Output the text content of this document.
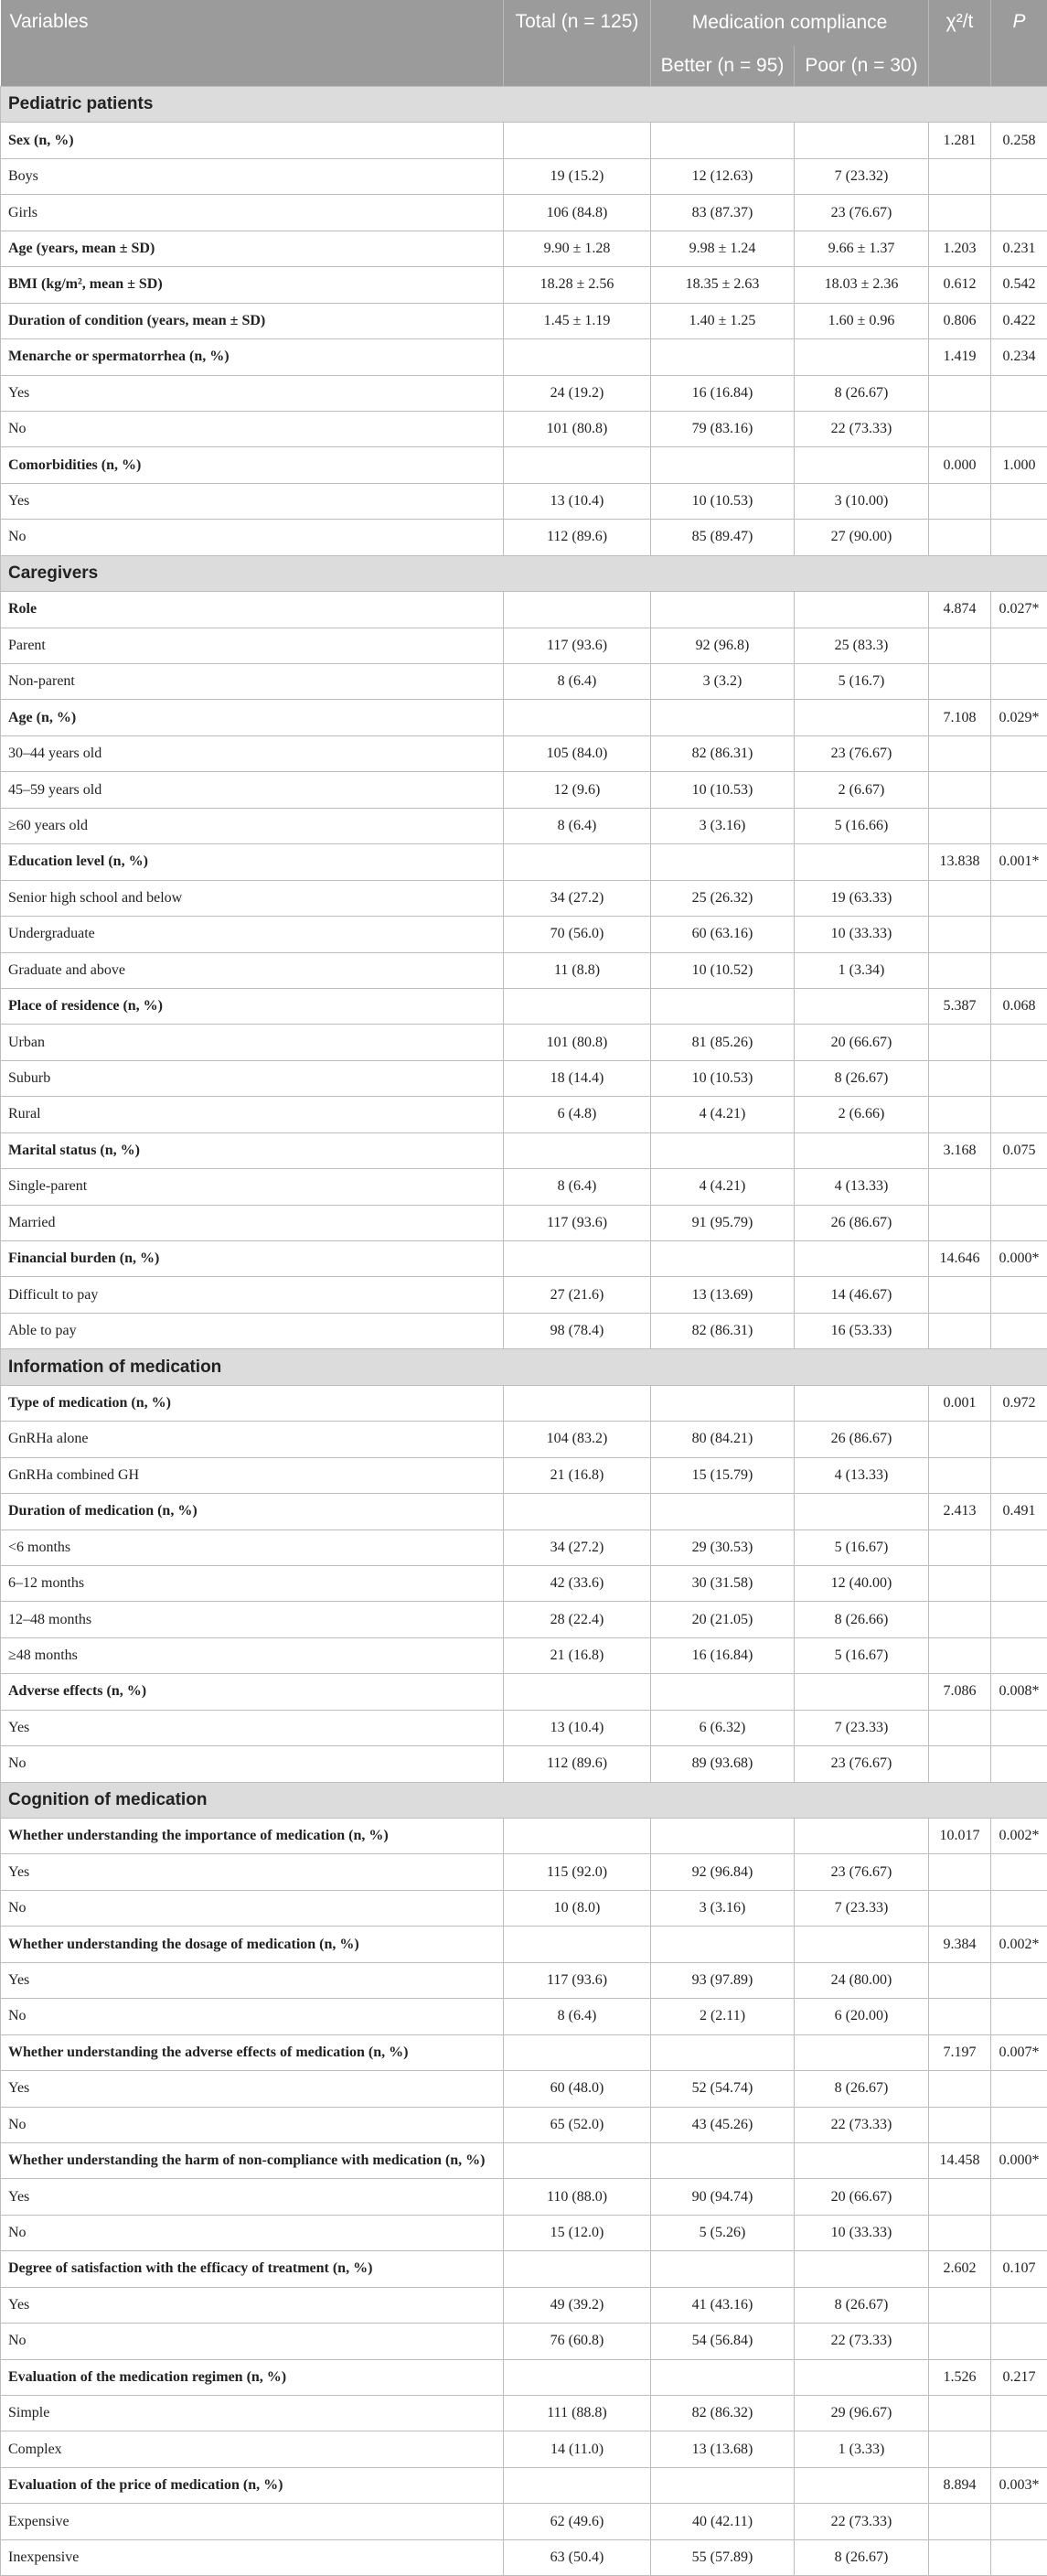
Variables	Total (n = 125)	Medication compliance		χ²/t	P
		Better (n = 95)	Poor (n = 30)		
Pediatric patients					
Sex (n, %)				1.281	0.258
Boys	19 (15.2)	12 (12.63)	7 (23.32)		
Girls	106 (84.8)	83 (87.37)	23 (76.67)		
Age (years, mean ± SD)	9.90 ± 1.28	9.98 ± 1.24	9.66 ± 1.37	1.203	0.231
BMI (kg/m², mean ± SD)	18.28 ± 2.56	18.35 ± 2.63	18.03 ± 2.36	0.612	0.542
Duration of condition (years, mean ± SD)	1.45 ± 1.19	1.40 ± 1.25	1.60 ± 0.96	0.806	0.422
Menarche or spermatorrhea (n, %)				1.419	0.234
Yes	24 (19.2)	16 (16.84)	8 (26.67)		
No	101 (80.8)	79 (83.16)	22 (73.33)		
Comorbidities (n, %)				0.000	1.000
Yes	13 (10.4)	10 (10.53)	3 (10.00)		
No	112 (89.6)	85 (89.47)	27 (90.00)		
Caregivers					
Role				4.874	0.027*
Parent	117 (93.6)	92 (96.8)	25 (83.3)		
Non-parent	8 (6.4)	3 (3.2)	5 (16.7)		
Age (n, %)				7.108	0.029*
30–44 years old	105 (84.0)	82 (86.31)	23 (76.67)		
45–59 years old	12 (9.6)	10 (10.53)	2 (6.67)		
≥60 years old	8 (6.4)	3 (3.16)	5 (16.66)		
Education level (n, %)				13.838	0.001*
Senior high school and below	34 (27.2)	25 (26.32)	19 (63.33)		
Undergraduate	70 (56.0)	60 (63.16)	10 (33.33)		
Graduate and above	11 (8.8)	10 (10.52)	1 (3.34)		
Place of residence (n, %)				5.387	0.068
Urban	101 (80.8)	81 (85.26)	20 (66.67)		
Suburb	18 (14.4)	10 (10.53)	8 (26.67)		
Rural	6 (4.8)	4 (4.21)	2 (6.66)		
Marital status (n, %)				3.168	0.075
Single-parent	8 (6.4)	4 (4.21)	4 (13.33)		
Married	117 (93.6)	91 (95.79)	26 (86.67)		
Financial burden (n, %)				14.646	0.000*
Difficult to pay	27 (21.6)	13 (13.69)	14 (46.67)		
Able to pay	98 (78.4)	82 (86.31)	16 (53.33)		
Information of medication					
Type of medication (n, %)				0.001	0.972
GnRHa alone	104 (83.2)	80 (84.21)	26 (86.67)		
GnRHa combined GH	21 (16.8)	15 (15.79)	4 (13.33)		
Duration of medication (n, %)				2.413	0.491
<6 months	34 (27.2)	29 (30.53)	5 (16.67)		
6–12 months	42 (33.6)	30 (31.58)	12 (40.00)		
12–48 months	28 (22.4)	20 (21.05)	8 (26.66)		
≥48 months	21 (16.8)	16 (16.84)	5 (16.67)		
Adverse effects (n, %)				7.086	0.008*
Yes	13 (10.4)	6 (6.32)	7 (23.33)		
No	112 (89.6)	89 (93.68)	23 (76.67)		
Cognition of medication					
Whether understanding the importance of medication (n, %)				10.017	0.002*
Yes	115 (92.0)	92 (96.84)	23 (76.67)		
No	10 (8.0)	3 (3.16)	7 (23.33)		
Whether understanding the dosage of medication (n, %)				9.384	0.002*
Yes	117 (93.6)	93 (97.89)	24 (80.00)		
No	8 (6.4)	2 (2.11)	6 (20.00)		
Whether understanding the adverse effects of medication (n, %)				7.197	0.007*
Yes	60 (48.0)	52 (54.74)	8 (26.67)		
No	65 (52.0)	43 (45.26)	22 (73.33)		
Whether understanding the harm of non-compliance with medication (n, %)				14.458	0.000*
Yes	110 (88.0)	90 (94.74)	20 (66.67)		
No	15 (12.0)	5 (5.26)	10 (33.33)		
Degree of satisfaction with the efficacy of treatment (n, %)				2.602	0.107
Yes	49 (39.2)	41 (43.16)	8 (26.67)		
No	76 (60.8)	54 (56.84)	22 (73.33)		
Evaluation of the medication regimen (n, %)				1.526	0.217
Simple	111 (88.8)	82 (86.32)	29 (96.67)		
Complex	14 (11.0)	13 (13.68)	1 (3.33)		
Evaluation of the price of medication (n, %)				8.894	0.003*
Expensive	62 (49.6)	40 (42.11)	22 (73.33)		
Inexpensive	63 (50.4)	55 (57.89)	8 (26.67)		
